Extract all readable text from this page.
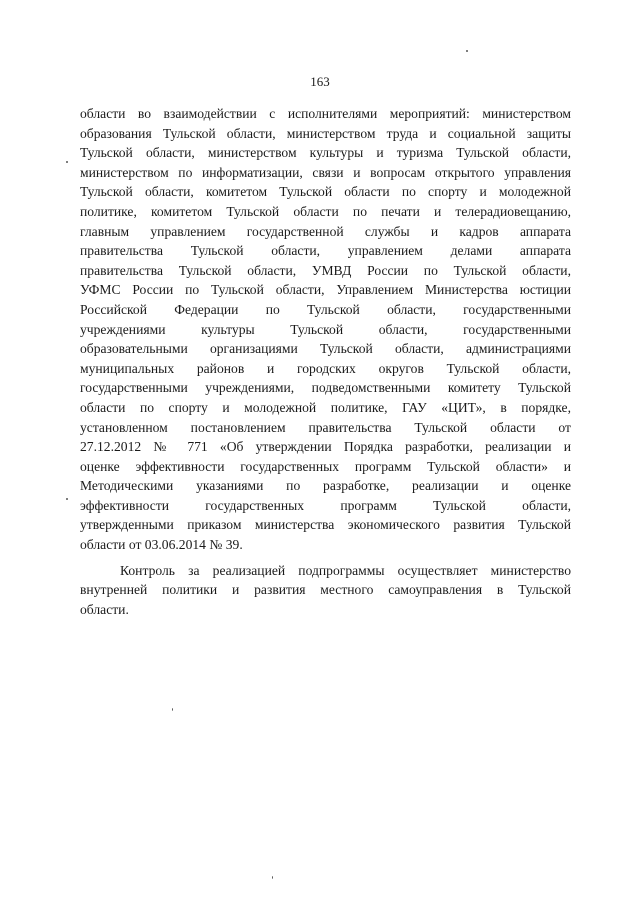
163
области во взаимодействии с исполнителями мероприятий: министерством
образования Тульской области, министерством труда и социальной защиты
Тульской области, министерством культуры и туризма Тульской области,
министерством по информатизации, связи и вопросам открытого управления
Тульской области, комитетом Тульской области по спорту и молодежной
политике, комитетом Тульской области по печати и телерадиовещанию,
главным управлением государственной службы и кадров аппарата
правительства Тульской области, управлением делами аппарата
правительства Тульской области, УМВД России по Тульской области,
УФМС России по Тульской области, Управлением Министерства юстиции
Российской Федерации по Тульской области, государственными
учреждениями культуры Тульской области, государственными
образовательными организациями Тульской области, администрациями
муниципальных районов и городских округов Тульской области,
государственными учреждениями, подведомственными комитету Тульской
области по спорту и молодежной политике, ГАУ «ЦИТ», в порядке,
установленном постановлением правительства Тульской области от
27.12.2012 № 771 «Об утверждении Порядка разработки, реализации и
оценке эффективности государственных программ Тульской области» и
Методическими указаниями по разработке, реализации и оценке
эффективности государственных программ Тульской области,
утвержденными приказом министерства экономического развития Тульской
области от 03.06.2014 № 39.
Контроль за реализацией подпрограммы осуществляет министерство
внутренней политики и развития местного самоуправления в Тульской
области.
